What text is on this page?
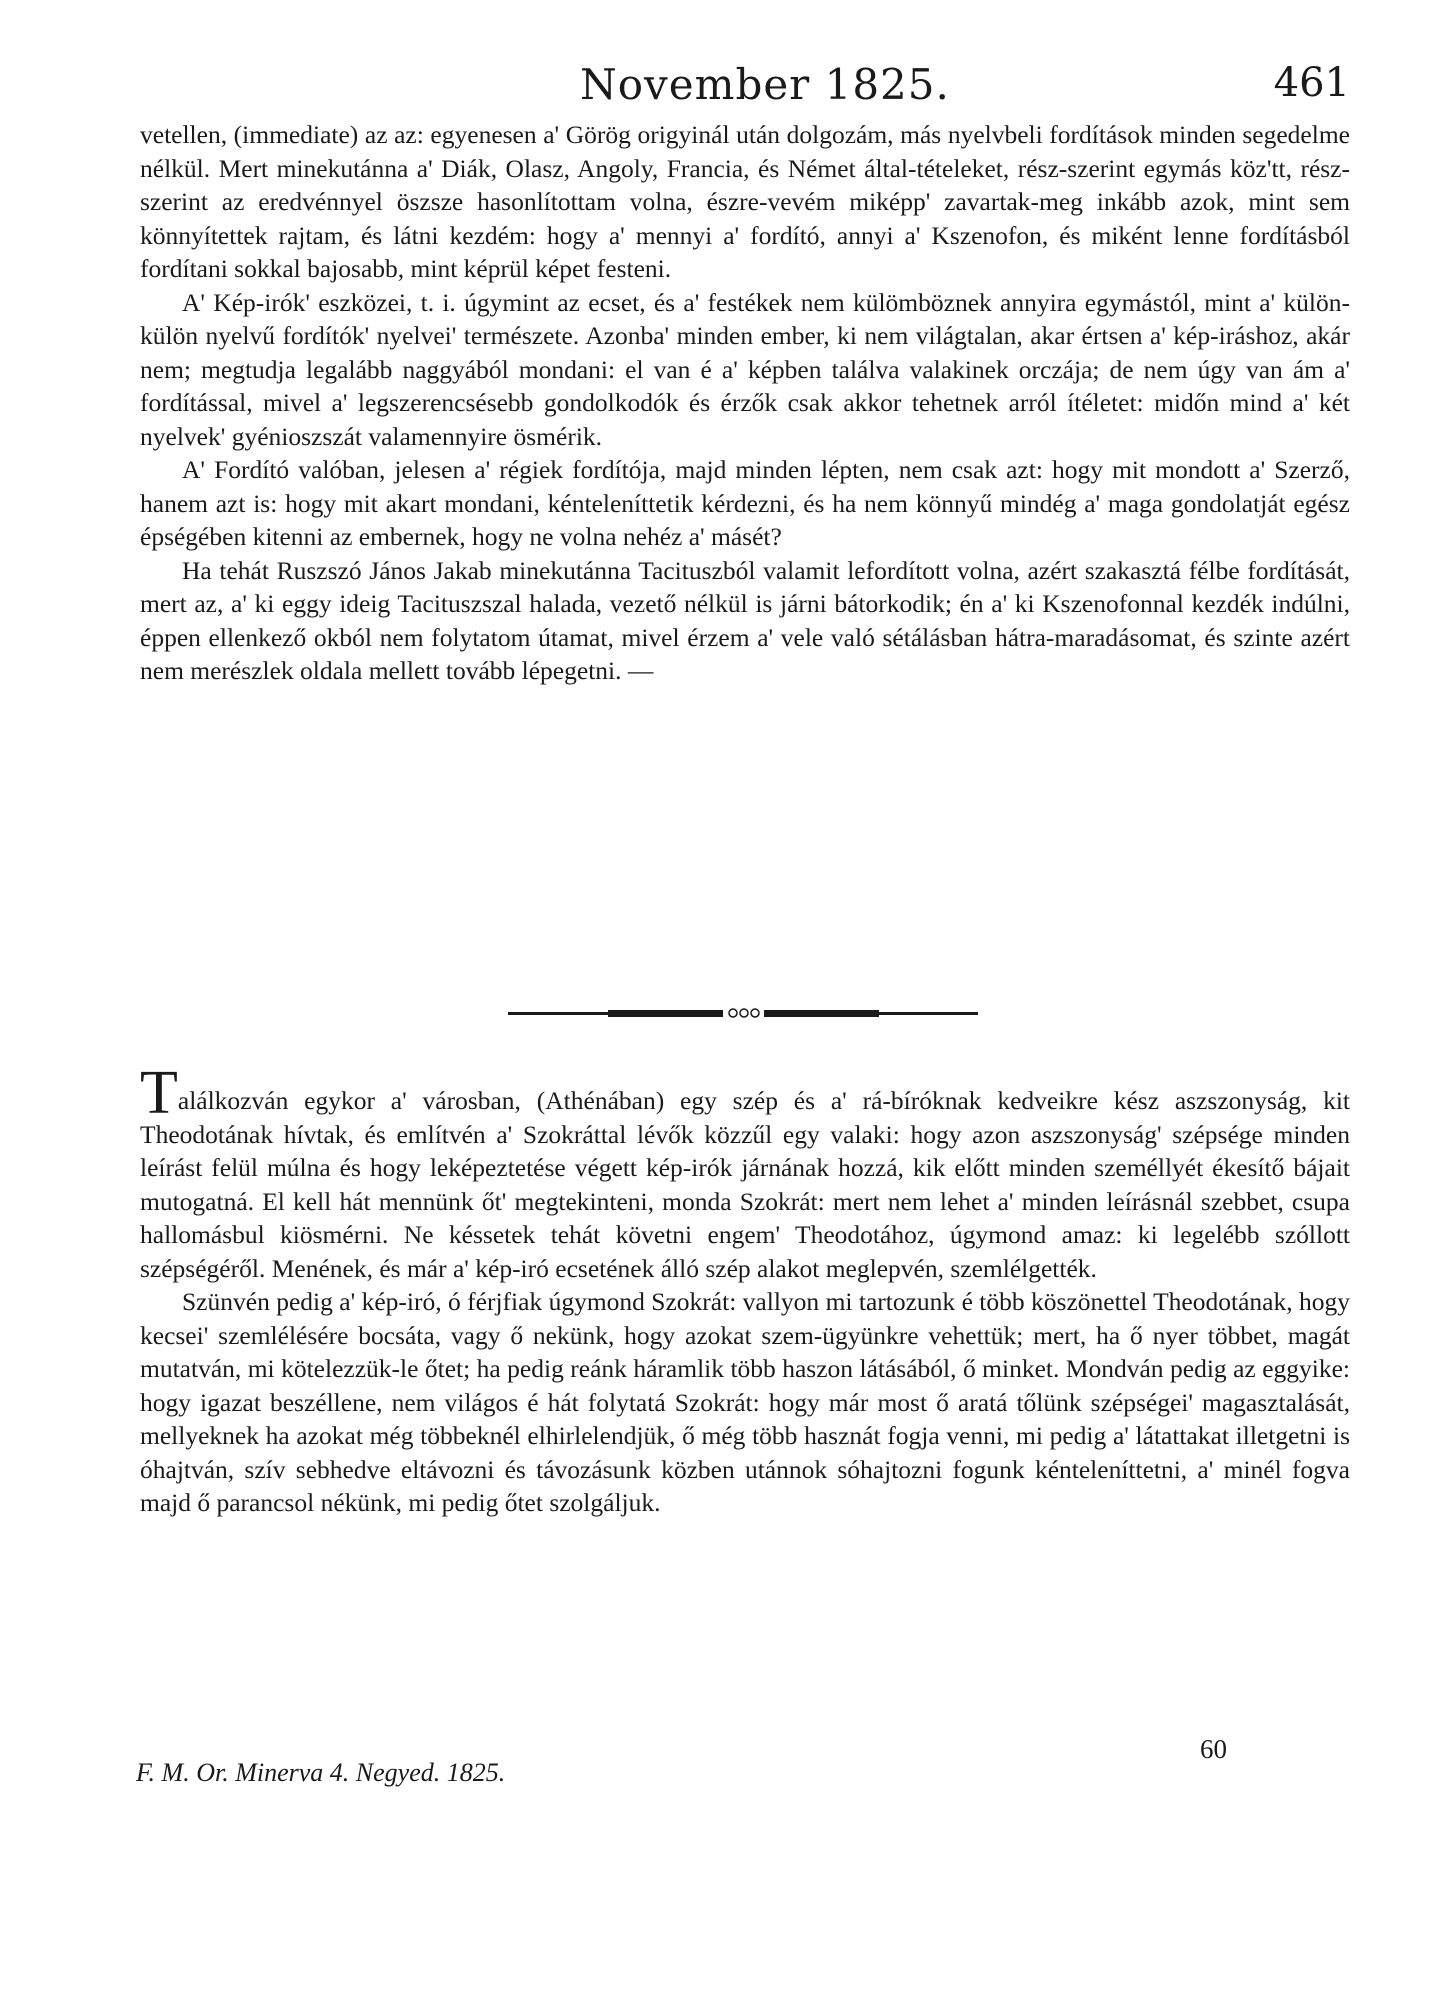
November 1825.	461

vetellen, (immediate) az az: egyenesen a' Görög origyinál után dolgozám, más nyelvbeli fordítások minden segedelme nélkül. Mert minekutánna a' Diák, Olasz, Angoly, Francia, és Német által-tételeket, rész-szerint egymás köz'tt, rész-szerint az eredvénnyel öszsze hasonlítottam volna, észre-vevém miképp' zavartak-meg inkább azok, mint sem könnyítettek rajtam, és látni kezdém: hogy a' mennyi a' fordító, annyi a' Kszenofon, és miként lenne fordításból fordítani sokkal bajosabb, mint képrül képet festeni.

A' Kép-irók' eszközei, t. i. úgymint az ecset, és a' festékek nem külömböznek annyira egymástól, mint a' külön-külön nyelvű fordítók' nyelvei' természete. Azonba' minden ember, ki nem világtalan, akar értsen a' kép-iráshoz, akár nem; megtudja legalább naggyából mondani: el van é a' képben találva valakinek orczája; de nem úgy van ám a' fordítással, mivel a' legszerencsésebb gondolkodók és érzők csak akkor tehetnek arról ítéletet: midőn mind a' két nyelvek' gyénioszszát valamennyire ösmérik.

A' Fordító valóban, jelesen a' régiek fordítója, majd minden lépten, nem csak azt: hogy mit mondott a' Szerző, hanem azt is: hogy mit akart mondani, kénteleníttetik kérdezni, és ha nem könnyű mindég a' maga gondolatját egész épségében kitenni az embernek, hogy ne volna nehéz a' másét?

Ha tehát Ruszszó János Jakab minekutánna Tacituszból valamit lefordított volna, azért szakasztá félbe fordítását, mert az, a' ki eggy ideig Tacituszszal halada, vezető nélkül is járni bátorkodik; én a' ki Kszenofonnal kezdék indúlni, éppen ellenkező okból nem folytatom útamat, mivel érzem a' vele való sétálásban hátra-maradásomat, és szinte azért nem merészlek oldala mellett tovább lépegetni. —

Találkozván egykor a' városban, (Athénában) egy szép és a' rá-bíróknak kedveikre kész aszszonyság, kit Theodotának hívtak, és említvén a' Szokráttal lévők közzűl egy valaki: hogy azon aszszonyság' szépsége minden leírást felül múlna és hogy leképeztetése végett kép-irók járnának hozzá, kik előtt minden személlyét ékesítő bájait mutogatná. El kell hát mennünk őt' megtekinteni, monda Szokrát: mert nem lehet a' minden leírásnál szebbet, csupa hallomásbul kiösmérni. Ne késsetek tehát követni engem' Theodotához, úgymond amaz: ki legelébb szóllott szépségéről. Menének, és már a' kép-iró ecsetének álló szép alakot meglepvén, szemlélgették.

Szünvén pedig a' kép-iró, ó férjfiak úgymond Szokrát: vallyon mi tartozunk é több köszönettel Theodotának, hogy kecsei' szemlélésére bocsáta, vagy ő nekünk, hogy azokat szem-ügyünkre vehettük; mert, ha ő nyer többet, magát mutatván, mi kötelezzük-le őtet; ha pedig reánk háramlik több haszon látásából, ő minket. Mondván pedig az eggyike: hogy igazat beszéllene, nem világos é hát folytatá Szokrát: hogy már most ő aratá tőlünk szépségei' magasztalását, mellyeknek ha azokat még többeknél elhirlelendjük, ő még több hasznát fogja venni, mi pedig a' látattakat illetgetni is óhajtván, szív sebhedve eltávozni és távozásunk közben utánnok sóhajtozni fogunk kénteleníttetni, a' minél fogva majd ő parancsol nékünk, mi pedig őtet szolgáljuk.

60
F. M. Or. Minerva 4. Negyed. 1825.
